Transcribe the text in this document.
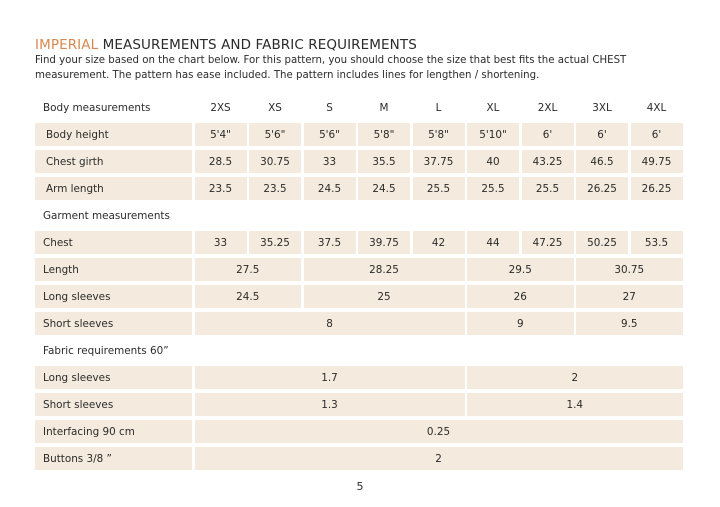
IMPERIAL MEASUREMENTS AND FABRIC REQUIREMENTS
Find your size based on the chart below. For this pattern, you should choose the size that best fits the actual CHEST measurement. The pattern has ease included. The pattern includes lines for lengthen / shortening.
Body measurements	2XS	XS	S	M	L	XL	2XL	3XL	4XL
Body height	5'4"	5'6"	5'6"	5'8"	5'8"	5'10"	6'	6'	6'
Chest girth	28.5	30.75	33	35.5	37.75	40	43.25	46.5	49.75
Arm length	23.5	23.5	24.5	24.5	25.5	25.5	25.5	26.25	26.25
Garment measurements
Chest	33	35.25	37.5	39.75	42	44	47.25	50.25	53.5
Length	27.5	28.25	29.5	30.75
Long sleeves	24.5	25	26	27
Short sleeves	8	9	9.5
Fabric requirements 60”
Long sleeves	1.7	2
Short sleeves	1.3	1.4
Interfacing 90 cm	0.25
Buttons 3/8 ”	2
5
